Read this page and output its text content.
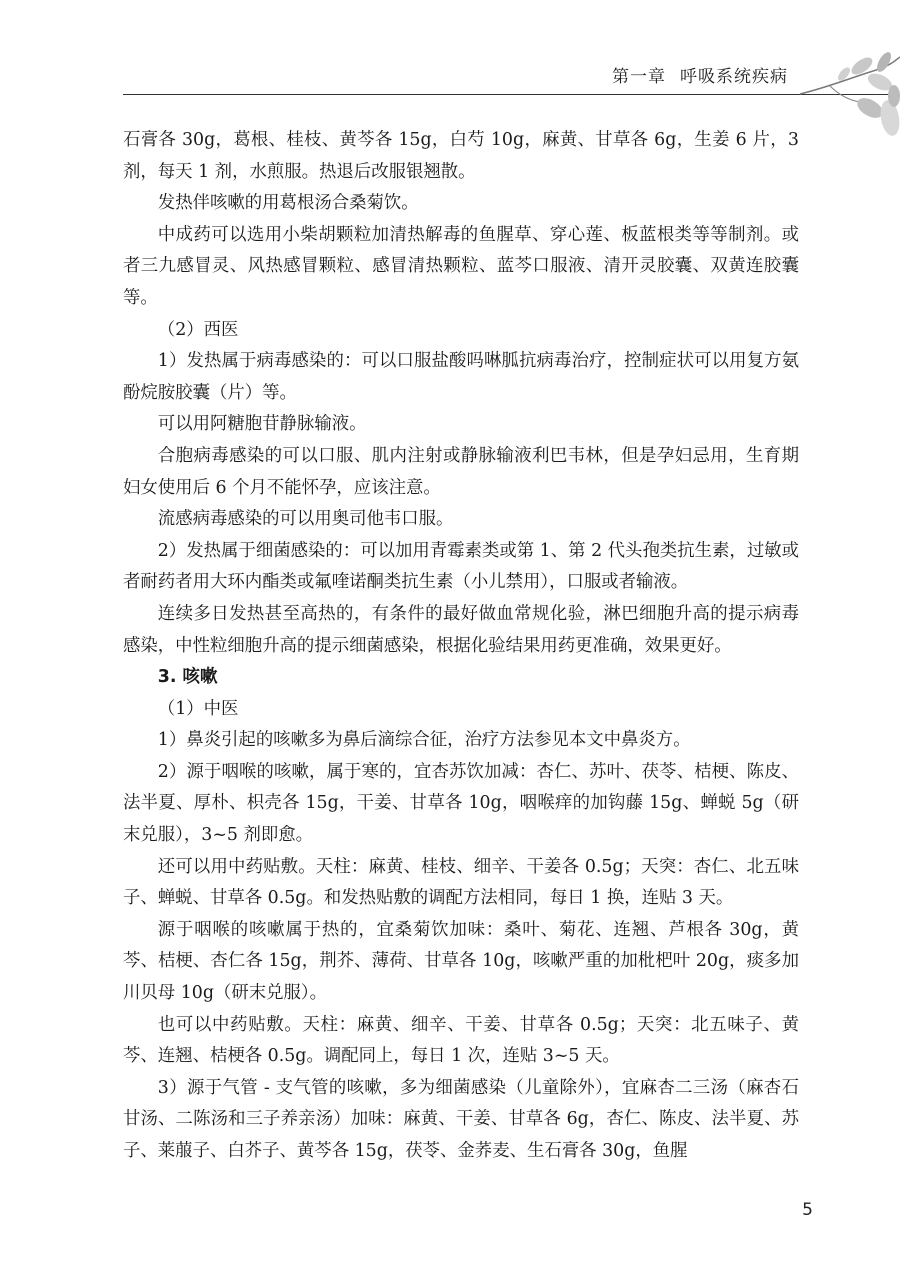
第一章 呼吸系统疾病

石膏各 30g，葛根、桂枝、黄芩各 15g，白芍 10g，麻黄、甘草各 6g，生姜 6 片，3 剂，每天 1 剂，水煎服。热退后改服银翘散。

发热伴咳嗽的用葛根汤合桑菊饮。

中成药可以选用小柴胡颗粒加清热解毒的鱼腥草、穿心莲、板蓝根类等等制剂。或者三九感冒灵、风热感冒颗粒、感冒清热颗粒、蓝芩口服液、清开灵胶囊、双黄连胶囊等。

（2）西医

1）发热属于病毒感染的：可以口服盐酸吗啉胍抗病毒治疗，控制症状可以用复方氨酚烷胺胶囊（片）等。

可以用阿糖胞苷静脉输液。

合胞病毒感染的可以口服、肌内注射或静脉输液利巴韦林，但是孕妇忌用，生育期妇女使用后 6 个月不能怀孕，应该注意。

流感病毒感染的可以用奥司他韦口服。

2）发热属于细菌感染的：可以加用青霉素类或第 1、第 2 代头孢类抗生素，过敏或者耐药者用大环内酯类或氟喹诺酮类抗生素（小儿禁用），口服或者输液。

连续多日发热甚至高热的，有条件的最好做血常规化验，淋巴细胞升高的提示病毒感染，中性粒细胞升高的提示细菌感染，根据化验结果用药更准确，效果更好。

3. 咳嗽

（1）中医

1）鼻炎引起的咳嗽多为鼻后滴综合征，治疗方法参见本文中鼻炎方。

2）源于咽喉的咳嗽，属于寒的，宜杏苏饮加减：杏仁、苏叶、茯苓、桔梗、陈皮、法半夏、厚朴、枳壳各 15g，干姜、甘草各 10g，咽喉痒的加钩藤 15g、蝉蜕 5g（研末兑服），3~5 剂即愈。

还可以用中药贴敷。天柱：麻黄、桂枝、细辛、干姜各 0.5g；天突：杏仁、北五味子、蝉蜕、甘草各 0.5g。和发热贴敷的调配方法相同，每日 1 换，连贴 3 天。

源于咽喉的咳嗽属于热的，宜桑菊饮加味：桑叶、菊花、连翘、芦根各 30g，黄芩、桔梗、杏仁各 15g，荆芥、薄荷、甘草各 10g，咳嗽严重的加枇杷叶 20g，痰多加川贝母 10g（研末兑服）。

也可以中药贴敷。天柱：麻黄、细辛、干姜、甘草各 0.5g；天突：北五味子、黄芩、连翘、桔梗各 0.5g。调配同上，每日 1 次，连贴 3~5 天。

3）源于气管 - 支气管的咳嗽，多为细菌感染（儿童除外），宜麻杏二三汤（麻杏石甘汤、二陈汤和三子养亲汤）加味：麻黄、干姜、甘草各 6g，杏仁、陈皮、法半夏、苏子、莱菔子、白芥子、黄芩各 15g，茯苓、金荞麦、生石膏各 30g，鱼腥

5
